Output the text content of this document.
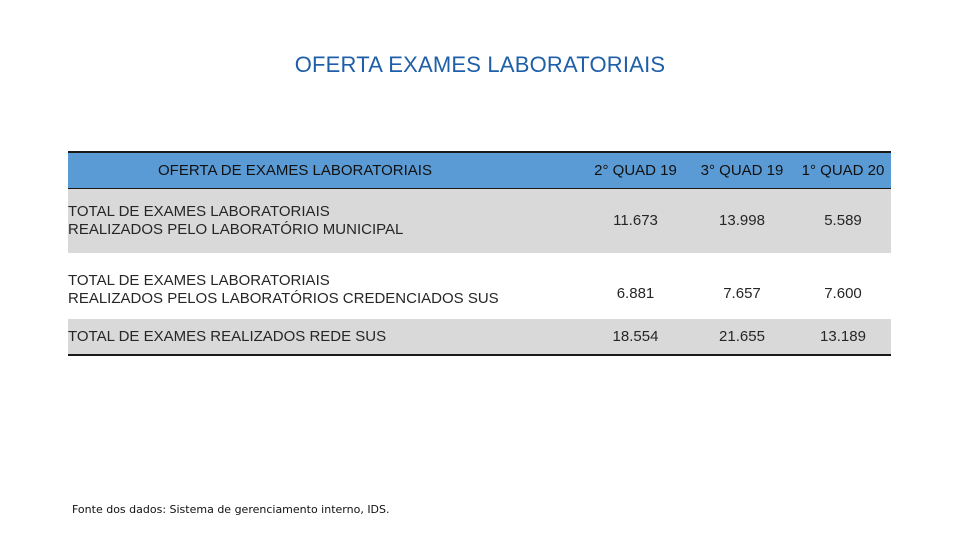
OFERTA EXAMES LABORATORIAIS
OFERTA DE EXAMES LABORATORIAIS	2° QUAD 19	3° QUAD 19	1° QUAD 20

TOTAL DE EXAMES LABORATORIAIS
REALIZADOS PELO LABORATÓRIO MUNICIPAL	11.673	13.998	5.589

TOTAL DE EXAMES LABORATORIAIS
REALIZADOS PELOS LABORATÓRIOS CREDENCIADOS SUS	6.881	7.657	7.600

TOTAL DE EXAMES REALIZADOS REDE SUS	18.554	21.655	13.189
Fonte dos dados: Sistema de gerenciamento interno, IDS.
